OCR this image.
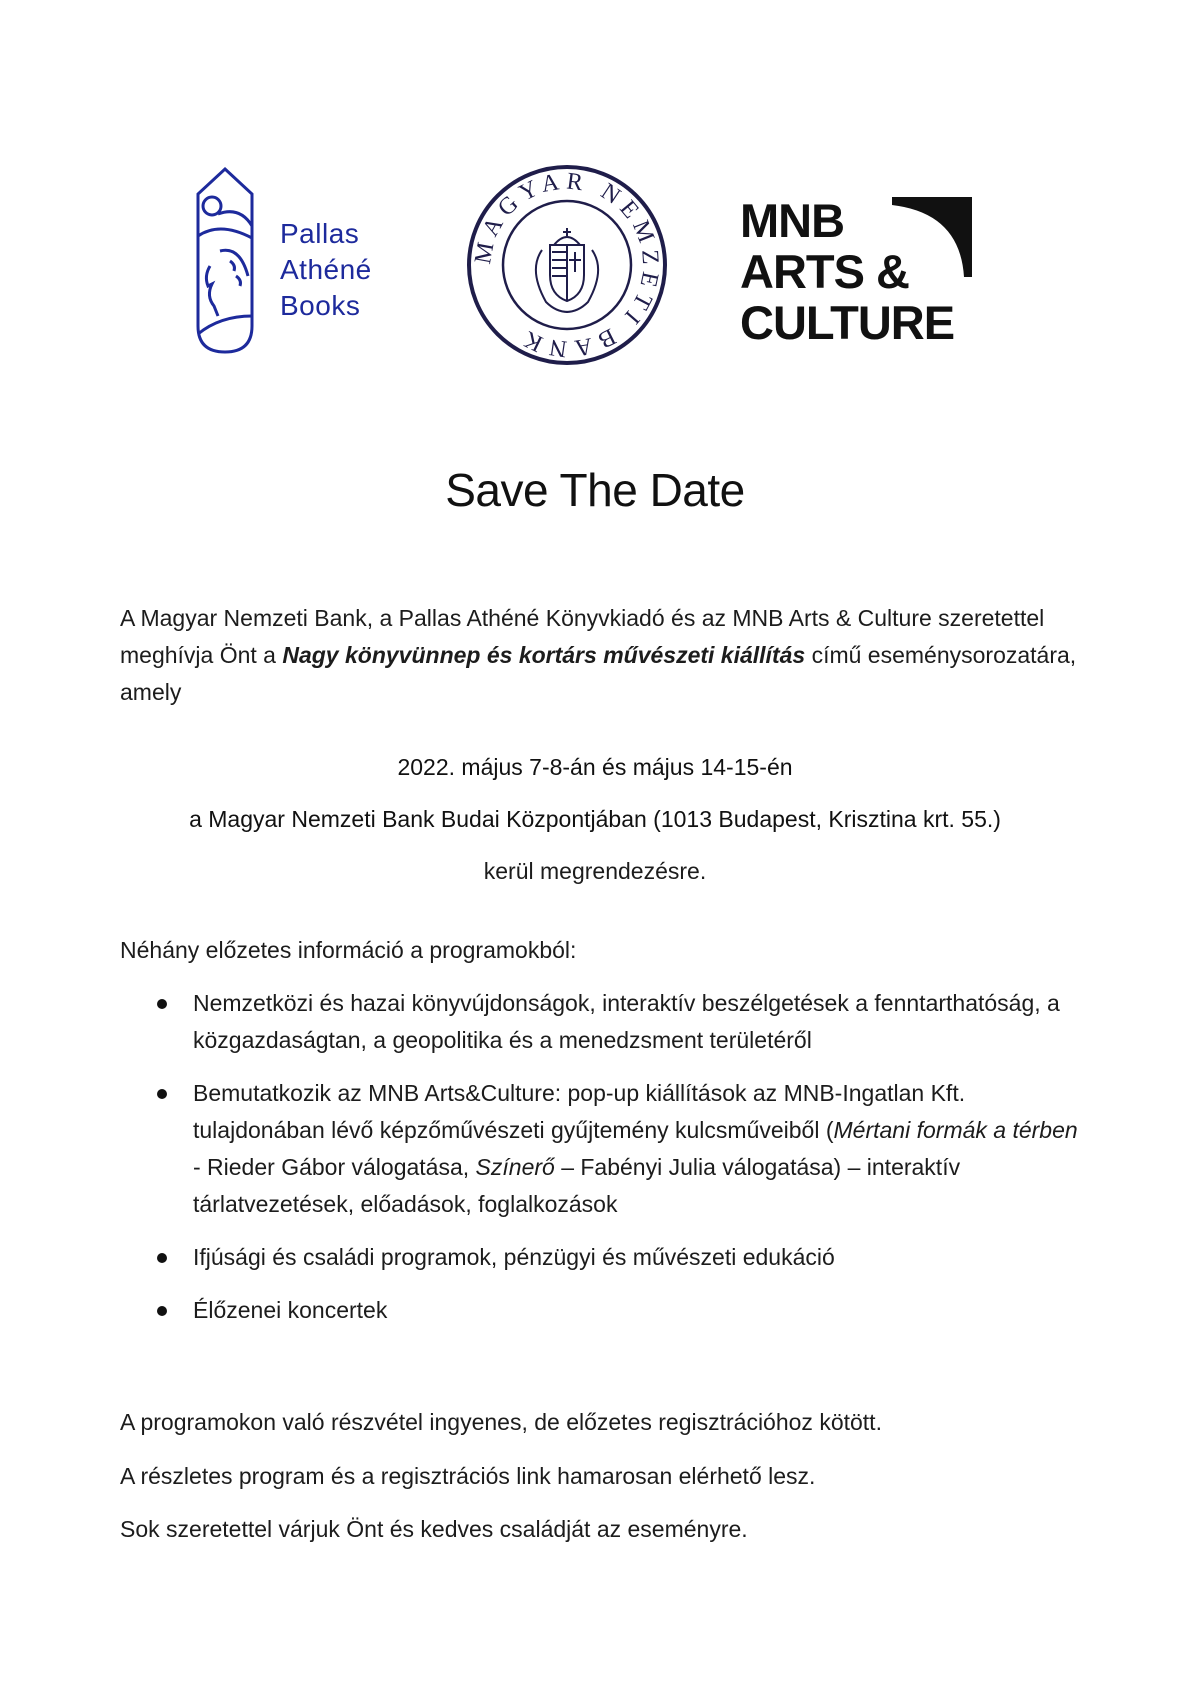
Pallas
Athéné
Books
MAGYAR NEMZETI BANK
MNB
ARTS &
CULTURE
Save The Date
A Magyar Nemzeti Bank, a Pallas Athéné Könyvkiadó és az MNB Arts & Culture szeretettel meghívja Önt a Nagy könyvünnep és kortárs művészeti kiállítás című eseménysorozatára, amely
2022. május 7-8-án és május 14-15-én
a Magyar Nemzeti Bank Budai Központjában (1013 Budapest, Krisztina krt. 55.)
kerül megrendezésre.
Néhány előzetes információ a programokból:
Nemzetközi és hazai könyvújdonságok, interaktív beszélgetések a fenntarthatóság, a közgazdaságtan, a geopolitika és a menedzsment területéről
Bemutatkozik az MNB Arts&Culture: pop-up kiállítások az MNB-Ingatlan Kft. tulajdonában lévő képzőművészeti gyűjtemény kulcsműveiből (Mértani formák a térben - Rieder Gábor válogatása, Színerő – Fabényi Julia válogatása) – interaktív tárlatvezetések, előadások, foglalkozások
Ifjúsági és családi programok, pénzügyi és művészeti edukáció
Élőzenei koncertek
A programokon való részvétel ingyenes, de előzetes regisztrációhoz kötött.
A részletes program és a regisztrációs link hamarosan elérhető lesz.
Sok szeretettel várjuk Önt és kedves családját az eseményre.
